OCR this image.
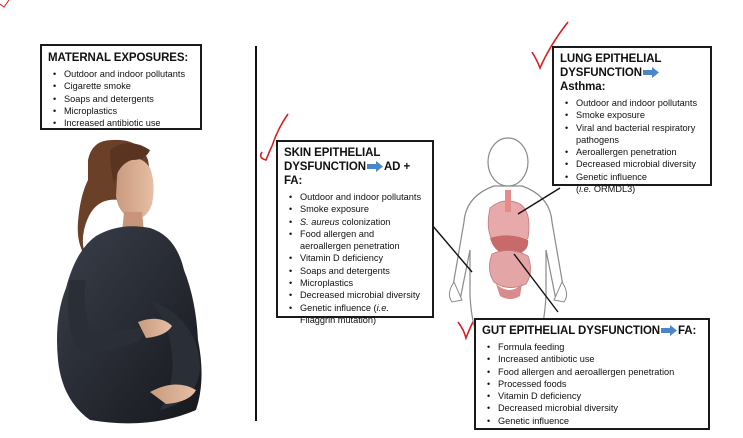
MATERNAL EXPOSURES:
• Outdoor and indoor pollutants
• Cigarette smoke
• Soaps and detergents
• Microplastics
• Increased antibiotic use
SKIN EPITHELIAL
DYSFUNCTION AD + FA:
• Outdoor and indoor pollutants
• Smoke exposure
• S. aureus colonization
• Food allergen and
aeroallergen penetration
• Vitamin D deficiency
• Soaps and detergents
• Microplastics
• Decreased microbial diversity
• Genetic influence (i.e.
Filaggrin mutation)
LUNG EPITHELIAL
DYSFUNCTIONAsthma:
• Outdoor and indoor pollutants
• Smoke exposure
• Viral and bacterial respiratory
pathogens
• Aeroallergen penetration
• Decreased microbial diversity
• Genetic influence
(i.e. ORMDL3)
GUT EPITHELIAL DYSFUNCTION FA:
• Formula feeding
• Increased antibiotic use
• Food allergen and aeroallergen penetration
• Processed foods
• Vitamin D deficiency
• Decreased microbial diversity
• Genetic influence
